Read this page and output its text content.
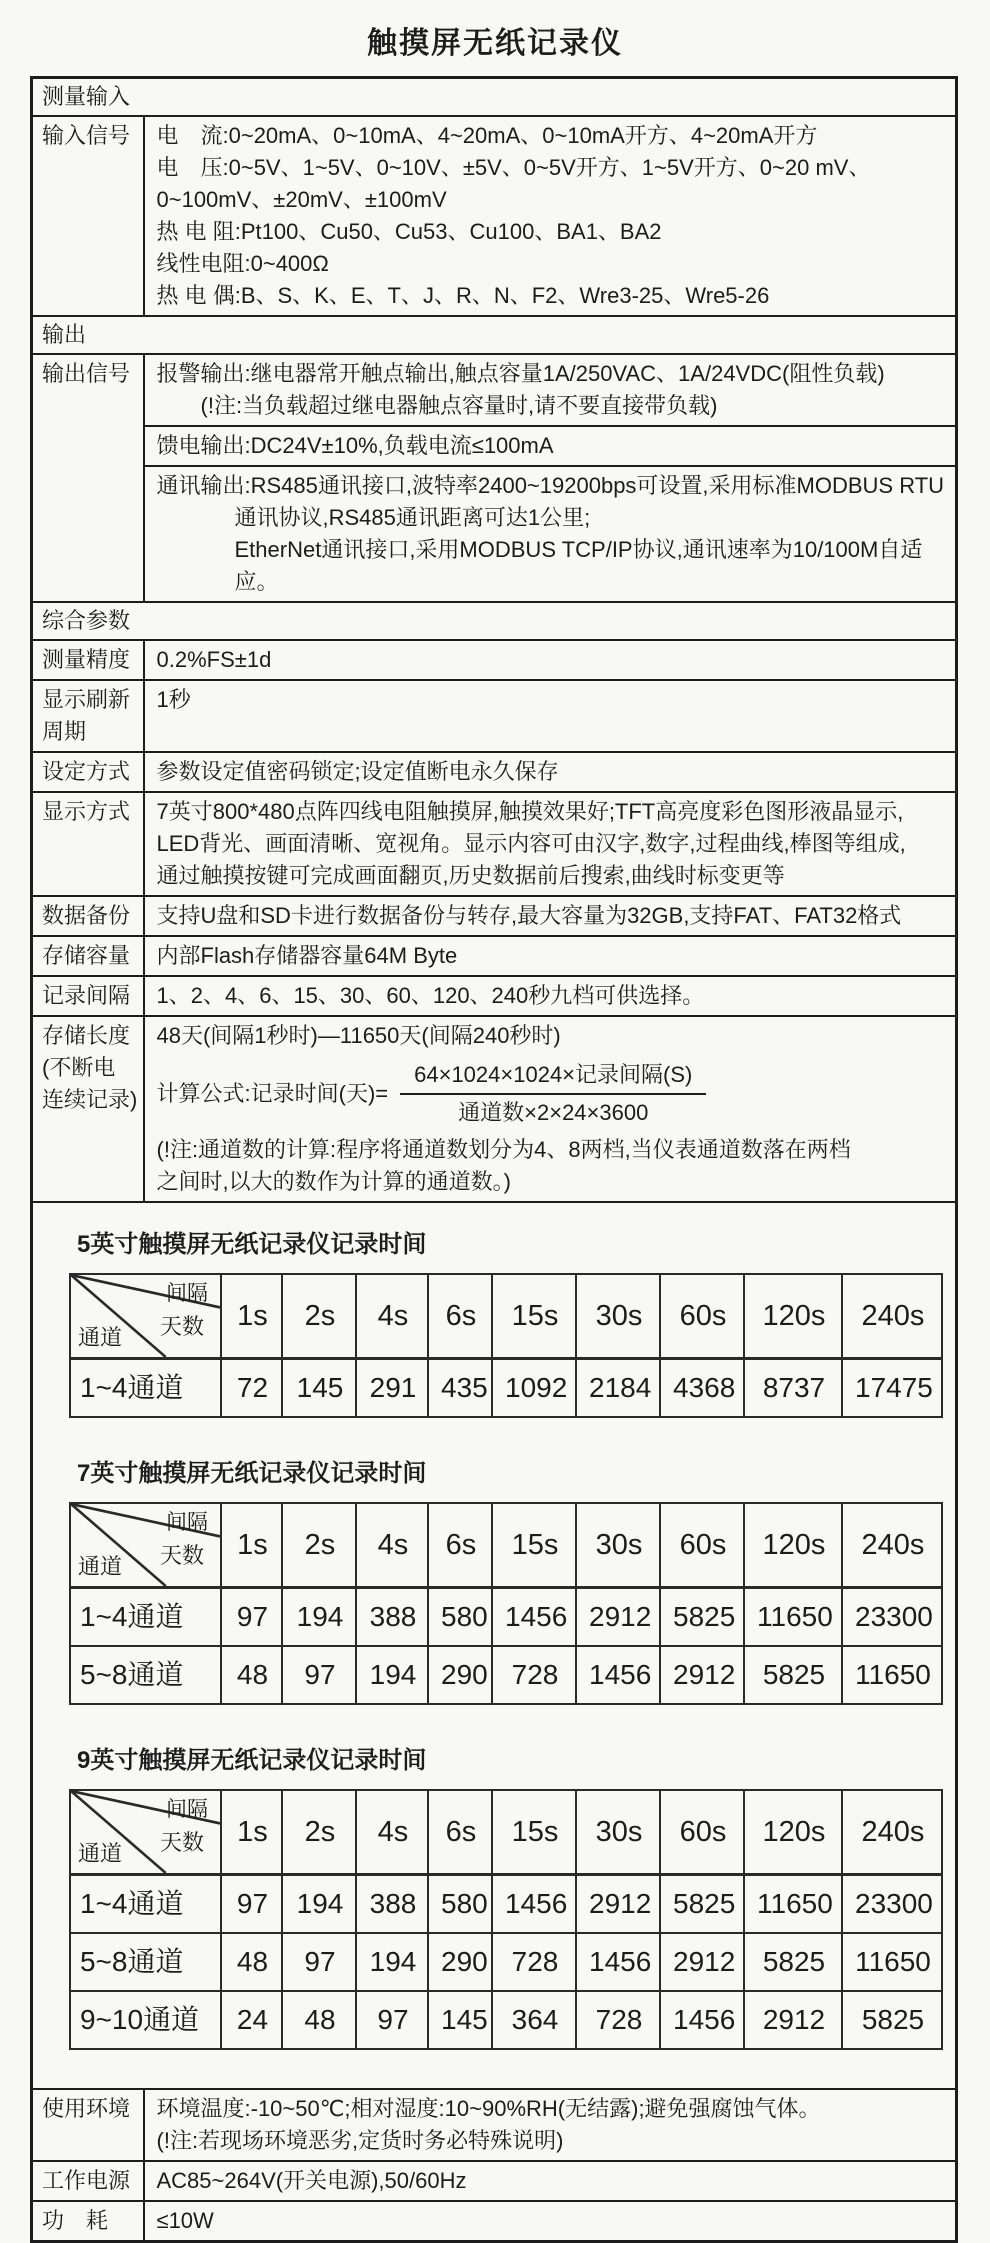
触摸屏无纸记录仪
测量输入
输入信号	电　流:0~20mA、0~10mA、4~20mA、0~10mA开方、4~20mA开方
电　压:0~5V、1~5V、0~10V、±5V、0~5V开方、1~5V开方、0~20 mV、
0~100mV、±20mV、±100mV
热 电 阻:Pt100、Cu50、Cu53、Cu100、BA1、BA2
线性电阻:0~400Ω
热 电 偶:B、S、K、E、T、J、R、N、F2、Wre3-25、Wre5-26

输出
输出信号	报警输出:继电器常开触点输出,触点容量1A/250VAC、1A/24VDC(阻性负载)
(!注:当负载超过继电器触点容量时,请不要直接带负载)

馈电输出:DC24V±10%,负载电流≤100mA

通讯输出:RS485通讯接口,波特率2400~19200bps可设置,采用标准MODBUS RTU
通讯协议,RS485通讯距离可达1公里;
EtherNet通讯接口,采用MODBUS TCP/IP协议,通讯速率为10/100M自适应。

综合参数
测量精度	0.2%FS±1d

显示刷新
周期
	1秒
设定方式	参数设定值密码锁定;设定值断电永久保存
显示方式	7英寸800*480点阵四线电阻触摸屏,触摸效果好;TFT高亮度彩色图形液晶显示,
LED背光、画面清晰、宽视角。显示内容可由汉字,数字,过程曲线,棒图等组成,
通过触摸按键可完成画面翻页,历史数据前后搜索,曲线时标变更等

数据备份	支持U盘和SD卡进行数据备份与转存,最大容量为32GB,支持FAT、FAT32格式
存储容量	内部Flash存储器容量64M Byte
记录间隔	1、2、4、6、15、30、60、120、240秒九档可供选择。

存储长度
(不断电
连续记录)

48天(间隔1秒时)—11650天(间隔240秒时)
计算公式:记录时间(天)= $\frac{\text{64×1024×1024×记录间隔(S)}}{\text{通道数×2×24×3600}}$
(!注:通道数的计算:程序将通道数划分为4、8两档,当仪表通道数落在两档
之间时,以大的数作为计算的通道数。)

5英寸触摸屏无纸记录仪记录时间
间隔
天数
通道
	1s	2s	4s	6s	15s	30s	60s	120s	240s
1~4通道	72	145	291	435	1092	2184	4368	8737	17475
7英寸触摸屏无纸记录仪记录时间
间隔
天数
通道
	1s	2s	4s	6s	15s	30s	60s	120s	240s
1~4通道	97	194	388	580	1456	2912	5825	11650	23300
5~8通道	48	97	194	290	728	1456	2912	5825	11650
9英寸触摸屏无纸记录仪记录时间
间隔
天数
通道
	1s	2s	4s	6s	15s	30s	60s	120s	240s
1~4通道	97	194	388	580	1456	2912	5825	11650	23300
5~8通道	48	97	194	290	728	1456	2912	5825	11650
9~10通道	24	48	97	145	364	728	1456	2912	5825

使用环境	环境温度:-10~50℃;相对湿度:10~90%RH(无结露);避免强腐蚀气体。
(!注:若现场环境恶劣,定货时务必特殊说明)

工作电源	AC85~264V(开关电源),50/60Hz
功　耗	≤10W
